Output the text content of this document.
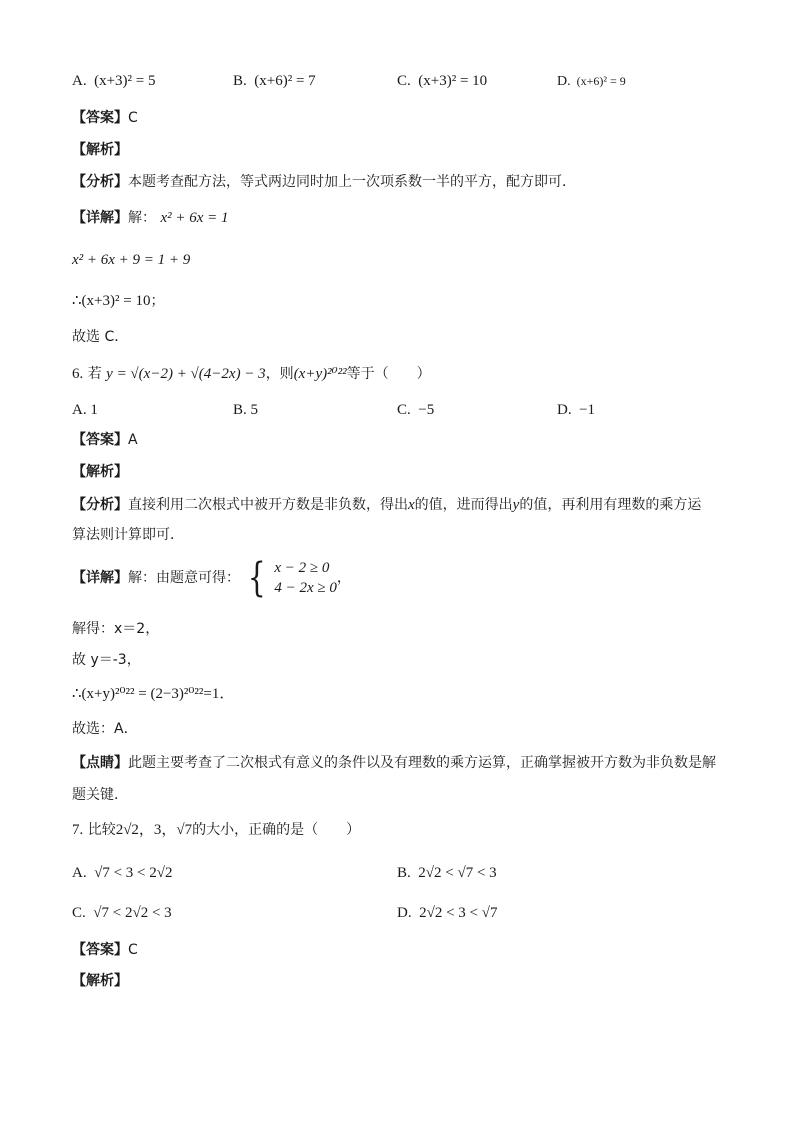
A. (x+3)² = 5	B. (x+6)² = 7	C. (x+3)² = 10	D. (x+6)² = 9
【答案】C
【解析】
【分析】本题考查配方法，等式两边同时加上一次项系数一半的平方，配方即可．
【详解】解： x² + 6x = 1
x² + 6x + 9 = 1 + 9
∴(x+3)² = 10；
故选 C．
6. 若 y = √(x−2) + √(4−2x) − 3，则(x+y)²⁰²²等于（　　）
A. 1	B. 5	C. −5	D. −1
【答案】A
【解析】
【分析】直接利用二次根式中被开方数是非负数，得出x的值，进而得出y的值，再利用有理数的乘方运
算法则计算即可．
【详解】解：由题意可得： { x − 2 ≥ 0
4 − 2x ≥ 0，
解得：x＝2，
故 y＝-3，
∴(x+y)²⁰²² = (2−3)²⁰²²=1．
故选：A．
【点睛】此题主要考查了二次根式有意义的条件以及有理数的乘方运算，正确掌握被开方数为非负数是解
题关键．
7. 比较2√2，3，√7的大小，正确的是（　　）
A. √7 < 3 < 2√2	B. 2√2 < √7 < 3
C. √7 < 2√2 < 3	D. 2√2 < 3 < √7
【答案】C
【解析】
